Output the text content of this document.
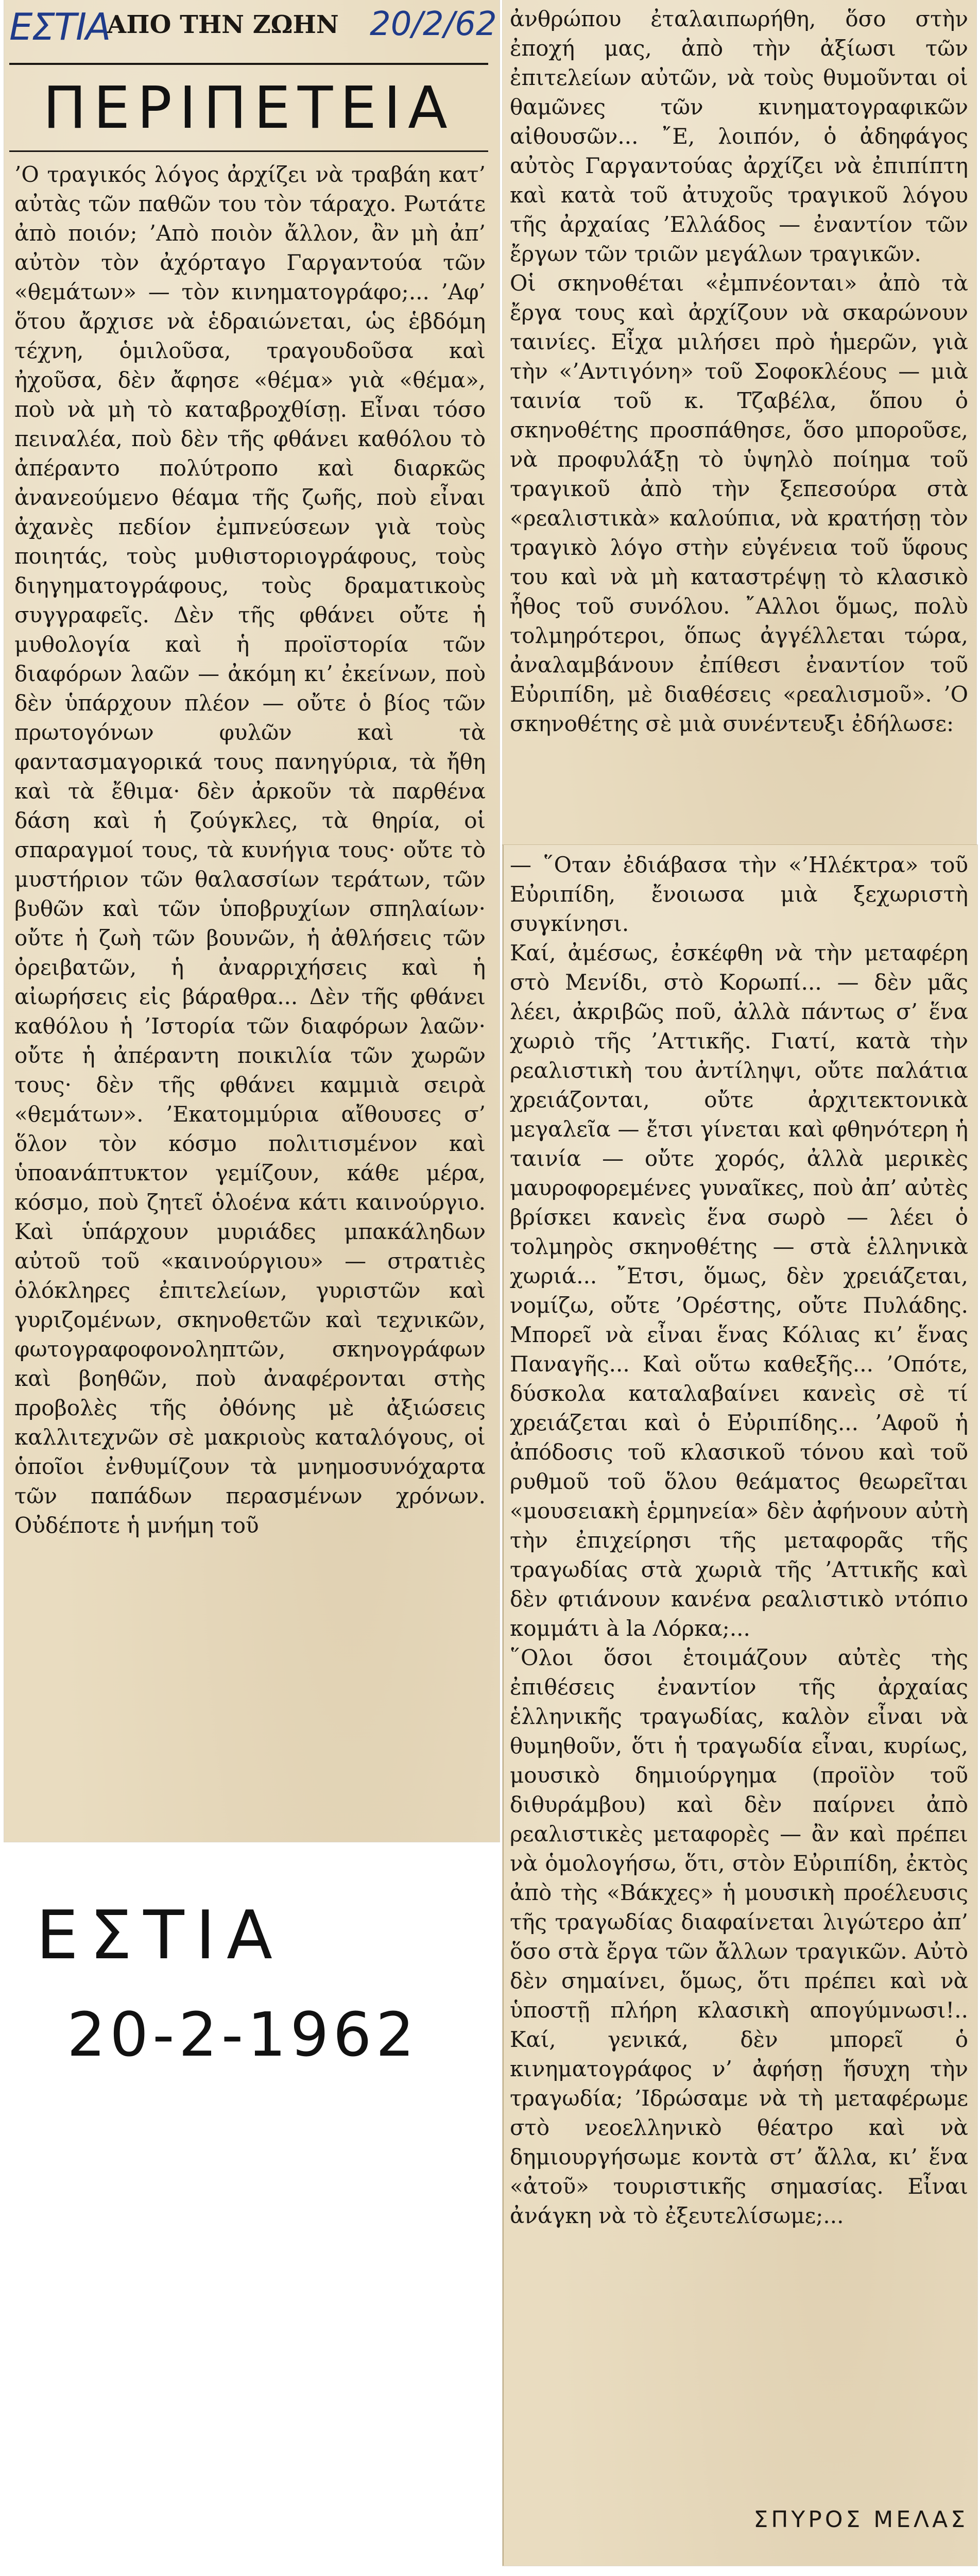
ΕΣΤΙΑ
ΑΠΟ ΤΗΝ ΖΩΗΝ 20/2/62
ΠΕΡΙΠΕΤΕΙΑ

’Ο τραγικός λόγος ἀρχίζει νὰ τραβάη κατ’ αὐτὰς τῶν παθῶν του τὸν τάραχο. Ρωτάτε ἀπὸ ποιόν; ’Απὸ ποιὸν ἄλλον, ἂν μὴ ἀπ’ αὐτὸν τὸν ἀχόρταγο Γαργαντούα τῶν «θεμάτων» — τὸν κινηματογράφο;... ’Αφ’ ὅτου ἄρχισε νὰ ἑδραιώνεται, ὡς ἑβδόμη τέχνη, ὁμιλοῦσα, τραγουδοῦσα καὶ ἠχοῦσα, δὲν ἄφησε «θέμα» γιὰ «θέμα», ποὺ νὰ μὴ τὸ καταβροχθίσῃ. Εἶναι τόσο πειναλέα, ποὺ δὲν τῆς φθάνει καθόλου τὸ ἀπέραντο πολύτροπο καὶ διαρκῶς ἀνανεούμενο θέαμα τῆς ζωῆς, ποὺ εἶναι ἀχανὲς πεδίον ἐμπνεύσεων γιὰ τοὺς ποιητάς, τοὺς μυθιστοριογράφους, τοὺς διηγηματογράφους, τοὺς δραματικοὺς συγγραφεῖς. Δὲν τῆς φθάνει οὔτε ἡ μυθολογία καὶ ἡ προϊστορία τῶν διαφόρων λαῶν — ἀκόμη κι’ ἐκείνων, ποὺ δὲν ὑπάρχουν πλέον — οὔτε ὁ βίος τῶν πρωτογόνων φυλῶν καὶ τὰ φαντασμαγορικά τους πανηγύρια, τὰ ἤθη καὶ τὰ ἔθιμα· δὲν ἀρκοῦν τὰ παρθένα δάση καὶ ἡ ζούγκλες, τὰ θηρία, οἱ σπαραγμοί τους, τὰ κυνήγια τους· οὔτε τὸ μυστήριον τῶν θαλασσίων τεράτων, τῶν βυθῶν καὶ τῶν ὑποβρυχίων σπηλαίων· οὔτε ἡ ζωὴ τῶν βουνῶν, ἡ ἀθλήσεις τῶν ὀρειβατῶν, ἡ ἀναρριχήσεις καὶ ἡ αἰωρήσεις εἰς βάραθρα... Δὲν τῆς φθάνει καθόλου ἡ ’Ιστορία τῶν διαφόρων λαῶν· οὔτε ἡ ἀπέραντη ποικιλία τῶν χωρῶν τους· δὲν τῆς φθάνει καμμιὰ σειρὰ «θεμάτων». ’Εκατομμύρια αἴθουσες σ’ ὅλον τὸν κόσμο πολιτισμένον καὶ ὑποανάπτυκτον γεμίζουν, κάθε μέρα, κόσμο, ποὺ ζητεῖ ὁλοένα κάτι καινούργιο. Καὶ ὑπάρχουν μυριάδες μπακάληδων αὐτοῦ τοῦ «καινούργιου» — στρατιὲς ὁλόκληρες ἐπιτελείων, γυριστῶν καὶ γυριζομένων, σκηνοθετῶν καὶ τεχνικῶν, φωτογραφοφονοληπτῶν, σκηνογράφων καὶ βοηθῶν, ποὺ ἀναφέρονται στὴς προβολὲς τῆς ὀθόνης μὲ ἀξιώσεις καλλιτεχνῶν σὲ μακριοὺς καταλόγους, οἱ ὁποῖοι ἐνθυμίζουν τὰ μνημοσυνόχαρτα τῶν παπάδων περασμένων χρόνων. Οὐδέποτε ἡ μνήμη τοῦ

ἀνθρώπου ἐταλαιπωρήθη, ὅσο στὴν ἐποχή μας, ἀπὸ τὴν ἀξίωσι τῶν ἐπιτελείων αὐτῶν, νὰ τοὺς θυμοῦνται οἱ θαμῶνες τῶν κινηματογραφικῶν αἰθουσῶν... ῎Ε, λοιπόν, ὁ ἀδηφάγος αὐτὸς Γαργαντούας ἀρχίζει νὰ ἐπιπίπτη καὶ κατὰ τοῦ ἀτυχοῦς τραγικοῦ λόγου τῆς ἀρχαίας ’Ελλάδος — ἐναντίον τῶν ἔργων τῶν τριῶν μεγάλων τραγικῶν.
Οἱ σκηνοθέται «ἐμπνέονται» ἀπὸ τὰ ἔργα τους καὶ ἀρχίζουν νὰ σκαρώνουν ταινίες. Εἶχα μιλήσει πρὸ ἡμερῶν, γιὰ τὴν «’Αντιγόνη» τοῦ Σοφοκλέους — μιὰ ταινία τοῦ κ. Τζαβέλα, ὅπου ὁ σκηνοθέτης προσπάθησε, ὅσο μποροῦσε, νὰ προφυλάξῃ τὸ ὑψηλὸ ποίημα τοῦ τραγικοῦ ἀπὸ τὴν ξεπεσούρα στὰ «ρεαλιστικὰ» καλούπια, νὰ κρατήσῃ τὸν τραγικὸ λόγο στὴν εὐγένεια τοῦ ὕφους του καὶ νὰ μὴ καταστρέψῃ τὸ κλασικὸ ἦθος τοῦ συνόλου. ῎Αλλοι ὅμως, πολὺ τολμηρότεροι, ὅπως ἀγγέλλεται τώρα, ἀναλαμβάνουν ἐπίθεσι ἐναντίον τοῦ Εὐριπίδη, μὲ διαθέσεις «ρεαλισμοῦ». ’Ο σκηνοθέτης σὲ μιὰ συνέντευξι ἐδήλωσε:

— ῞Οταν ἐδιάβασα τὴν «’Ηλέκτρα» τοῦ Εὐριπίδη, ἔνοιωσα μιὰ ξεχωριστὴ συγκίνησι.
Καί, ἀμέσως, ἐσκέφθη νὰ τὴν μεταφέρη στὸ Μενίδι, στὸ Κορωπί... — δὲν μᾶς λέει, ἀκριβῶς ποῦ, ἀλλὰ πάντως σ’ ἕνα χωριὸ τῆς ’Αττικῆς. Γιατί, κατὰ τὴν ρεαλιστικὴ του ἀντίληψι, οὔτε παλάτια χρειάζονται, οὔτε ἀρχιτεκτονικὰ μεγαλεῖα — ἔτσι γίνεται καὶ φθηνότερη ἡ ταινία — οὔτε χορός, ἀλλὰ μερικὲς μαυροφορεμένες γυναῖκες, ποὺ ἀπ’ αὐτὲς βρίσκει κανεὶς ἕνα σωρὸ — λέει ὁ τολμηρὸς σκηνοθέτης — στὰ ἑλληνικὰ χωριά... ῎Ετσι, ὅμως, δὲν χρειάζεται, νομίζω, οὔτε ’Ορέστης, οὔτε Πυλάδης. Μπορεῖ νὰ εἶναι ἕνας Κόλιας κι’ ἕνας Παναγῆς... Καὶ οὕτω καθεξῆς... ’Οπότε, δύσκολα καταλαβαίνει κανεὶς σὲ τί χρειάζεται καὶ ὁ Εὐριπίδης... ’Αφοῦ ἡ ἀπόδοσις τοῦ κλασικοῦ τόνου καὶ τοῦ ρυθμοῦ τοῦ ὅλου θεάματος θεωρεῖται «μουσειακὴ ἑρμηνεία» δὲν ἀφήνουν αὐτὴ τὴν ἐπιχείρησι τῆς μεταφορᾶς τῆς τραγωδίας στὰ χωριὰ τῆς ’Αττικῆς καὶ δὲν φτιάνουν κανένα ρεαλιστικὸ ντόπιο κομμάτι à la Λόρκα;...
῞Ολοι ὅσοι ἑτοιμάζουν αὐτὲς τὴς ἐπιθέσεις ἐναντίον τῆς ἀρχαίας ἑλληνικῆς τραγωδίας, καλὸν εἶναι νὰ θυμηθοῦν, ὅτι ἡ τραγωδία εἶναι, κυρίως, μουσικὸ δημιούργημα (προϊὸν τοῦ διθυράμβου) καὶ δὲν παίρνει ἀπὸ ρεαλιστικὲς μεταφορὲς — ἂν καὶ πρέπει νὰ ὁμολογήσω, ὅτι, στὸν Εὐριπίδη, ἐκτὸς ἀπὸ τὴς «Βάκχες» ἡ μουσικὴ προέλευσις τῆς τραγωδίας διαφαίνεται λιγώτερο ἀπ’ ὅσο στὰ ἔργα τῶν ἄλλων τραγικῶν. Αὐτὸ δὲν σημαίνει, ὅμως, ὅτι πρέπει καὶ νὰ ὑποστῇ πλήρη κλασικὴ απογύμνωσι!.. Καί, γενικά, δὲν μπορεῖ ὁ κινηματογράφος ν’ ἀφήσῃ ἥσυχη τὴν τραγωδία; ’Ιδρώσαμε νὰ τὴ μεταφέρωμε στὸ νεοελληνικὸ θέατρο καὶ νὰ δημιουργήσωμε κοντὰ στ’ ἄλλα, κι’ ἕνα «ἀτοῦ» τουριστικῆς σημασίας. Εἶναι ἀνάγκη νὰ τὸ ἐξευτελίσωμε;...

ΣΠΥΡΟΣ ΜΕΛΑΣ
ΕΣΤΙΑ
20-2-1962
